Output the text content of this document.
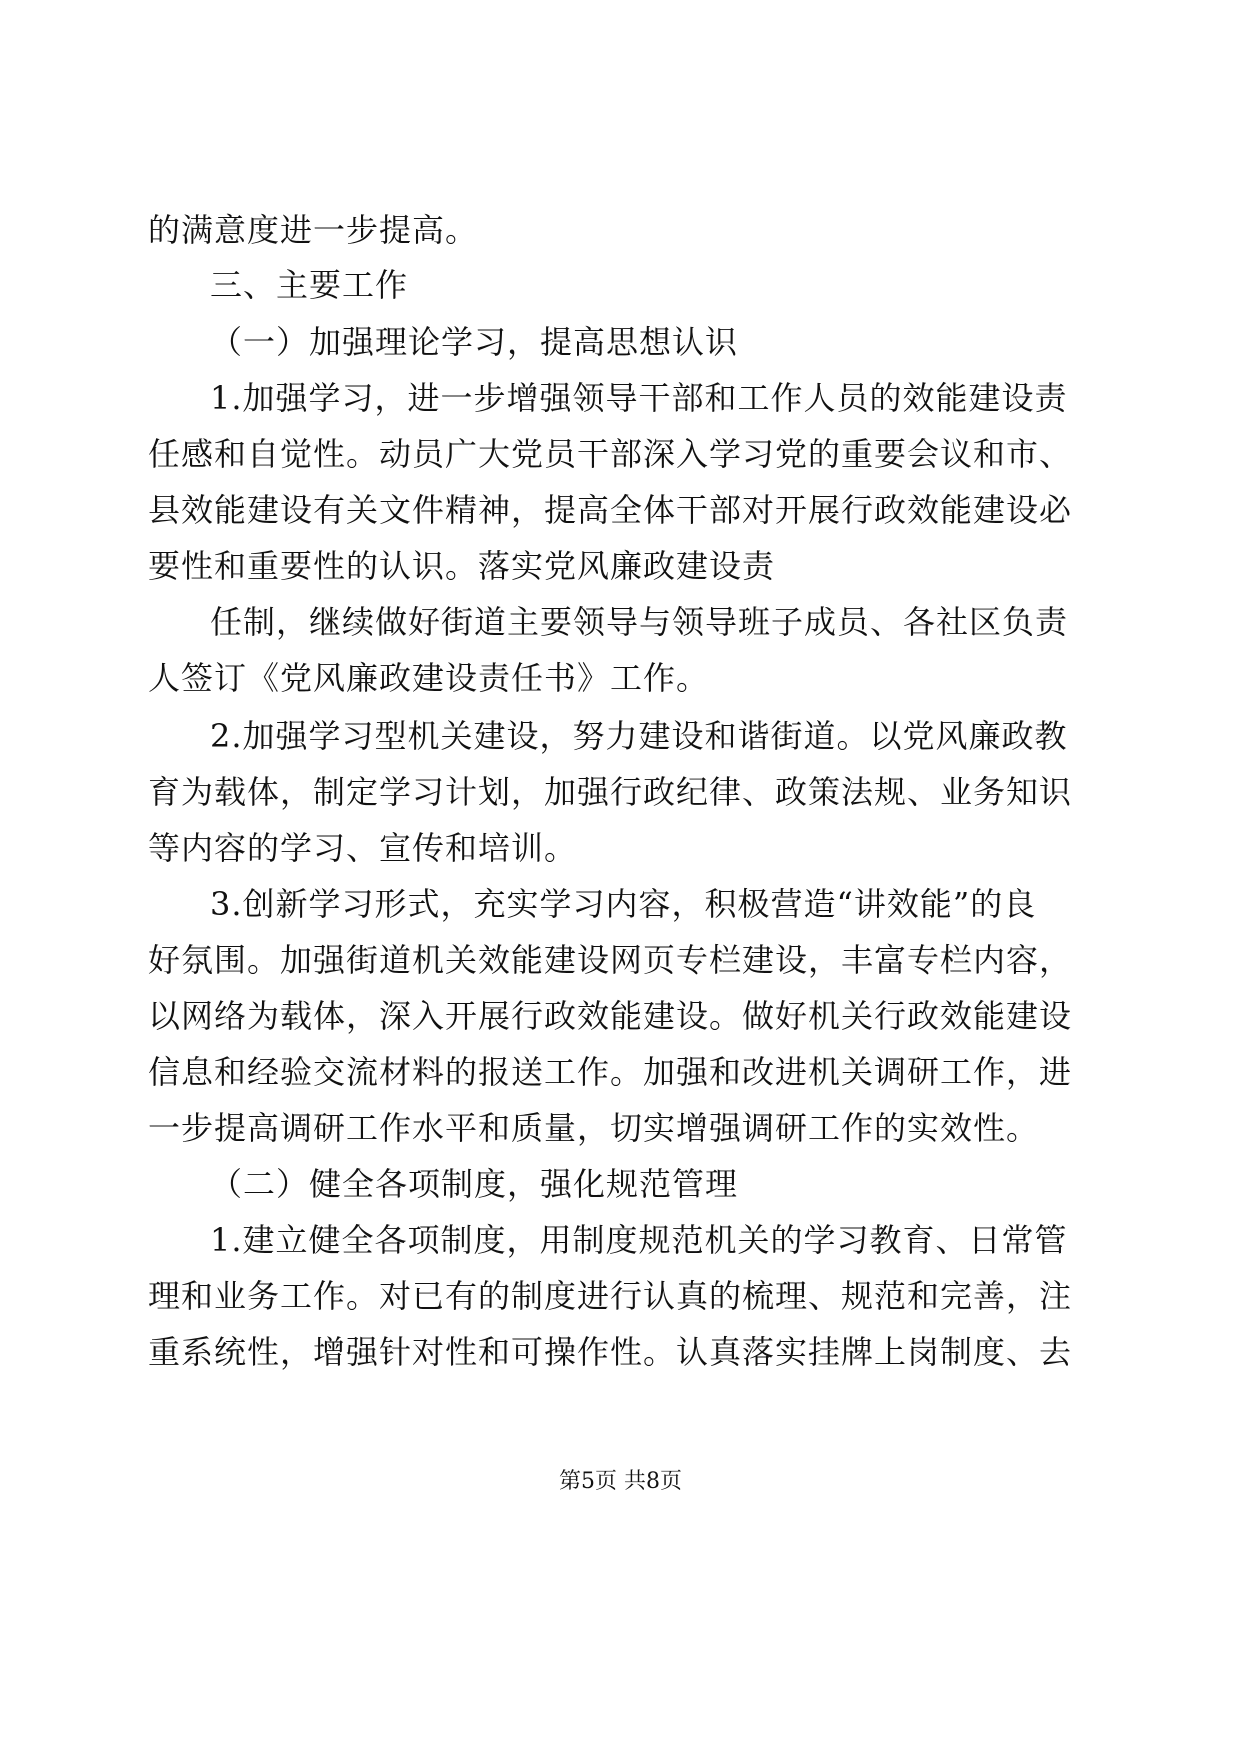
的满意度进一步提高。
三、主要工作
（一）加强理论学习，提高思想认识
1.加强学习，进一步增强领导干部和工作人员的效能建设责
任感和自觉性。动员广大党员干部深入学习党的重要会议和市、
县效能建设有关文件精神，提高全体干部对开展行政效能建设必
要性和重要性的认识。落实党风廉政建设责
任制，继续做好街道主要领导与领导班子成员、各社区负责
人签订《党风廉政建设责任书》工作。
2.加强学习型机关建设，努力建设和谐街道。以党风廉政教
育为载体，制定学习计划，加强行政纪律、政策法规、业务知识
等内容的学习、宣传和培训。
3.创新学习形式，充实学习内容，积极营造“讲效能”的良
好氛围。加强街道机关效能建设网页专栏建设，丰富专栏内容，
以网络为载体，深入开展行政效能建设。做好机关行政效能建设
信息和经验交流材料的报送工作。加强和改进机关调研工作，进
一步提高调研工作水平和质量，切实增强调研工作的实效性。
（二）健全各项制度，强化规范管理
1.建立健全各项制度，用制度规范机关的学习教育、日常管
理和业务工作。对已有的制度进行认真的梳理、规范和完善，注
重系统性，增强针对性和可操作性。认真落实挂牌上岗制度、去
第5页 共8页
